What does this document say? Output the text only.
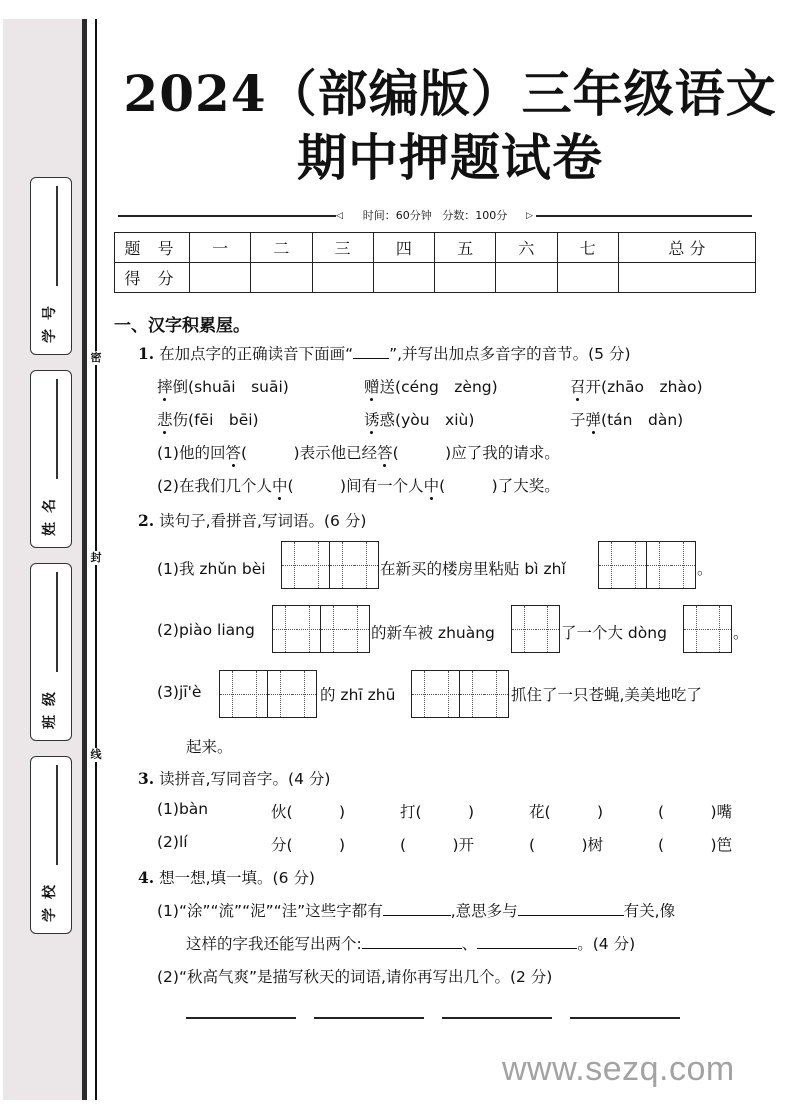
密
封
线
号
学
名
姓
级
班
校
学
2024（部编版）三年级语文
期中押题试卷
◁	时间：60分钟 分数：100分	▷
题 号	一	二	三	四	五	六	七	总 分
得 分								
一、汉字积累屋。
1. 在加点字的正确读音下面画“ ”,并写出加点多音字的音节。(5 分)
摔倒(shuāi　suāi)	赠送(céng　zèng)	召开(zhāo　zhào)
悲伤(fēi　bēi)	诱惑(yòu　xiù)	子弹(tán　dàn)
(1)他的回答(　　　)表示他已经答(　　　)应了我的请求。
(2)在我们几个人中(　　　)间有一个人中(　　　)了大奖。
2. 读句子,看拼音,写词语。(6 分)
(1)我 zhǔn bèi	在新买的楼房里粘贴 bì zhǐ	。
(2)piào liang	的新车被 zhuàng	了一个大 dòng	。
(3)jī'è	的 zhī zhū	抓住了一只苍蝇,美美地吃了
起来。
3. 读拼音,写同音字。(4 分)
(1)bàn	伙(　　　)	打(　　　)	花(　　　)	(　　　)嘴
(2)lí	分(　　　)	(　　　)开	(　　　)树	(　　　)笆
4. 想一想,填一填。(6 分)
(1)“涂”“流”“泥”“洼”这些字都有	,意思多与	有关,像
这样的字我还能写出两个:	、	。(4 分)
(2)“秋高气爽”是描写秋天的词语,请你再写出几个。(2 分)
www.sezq.com
